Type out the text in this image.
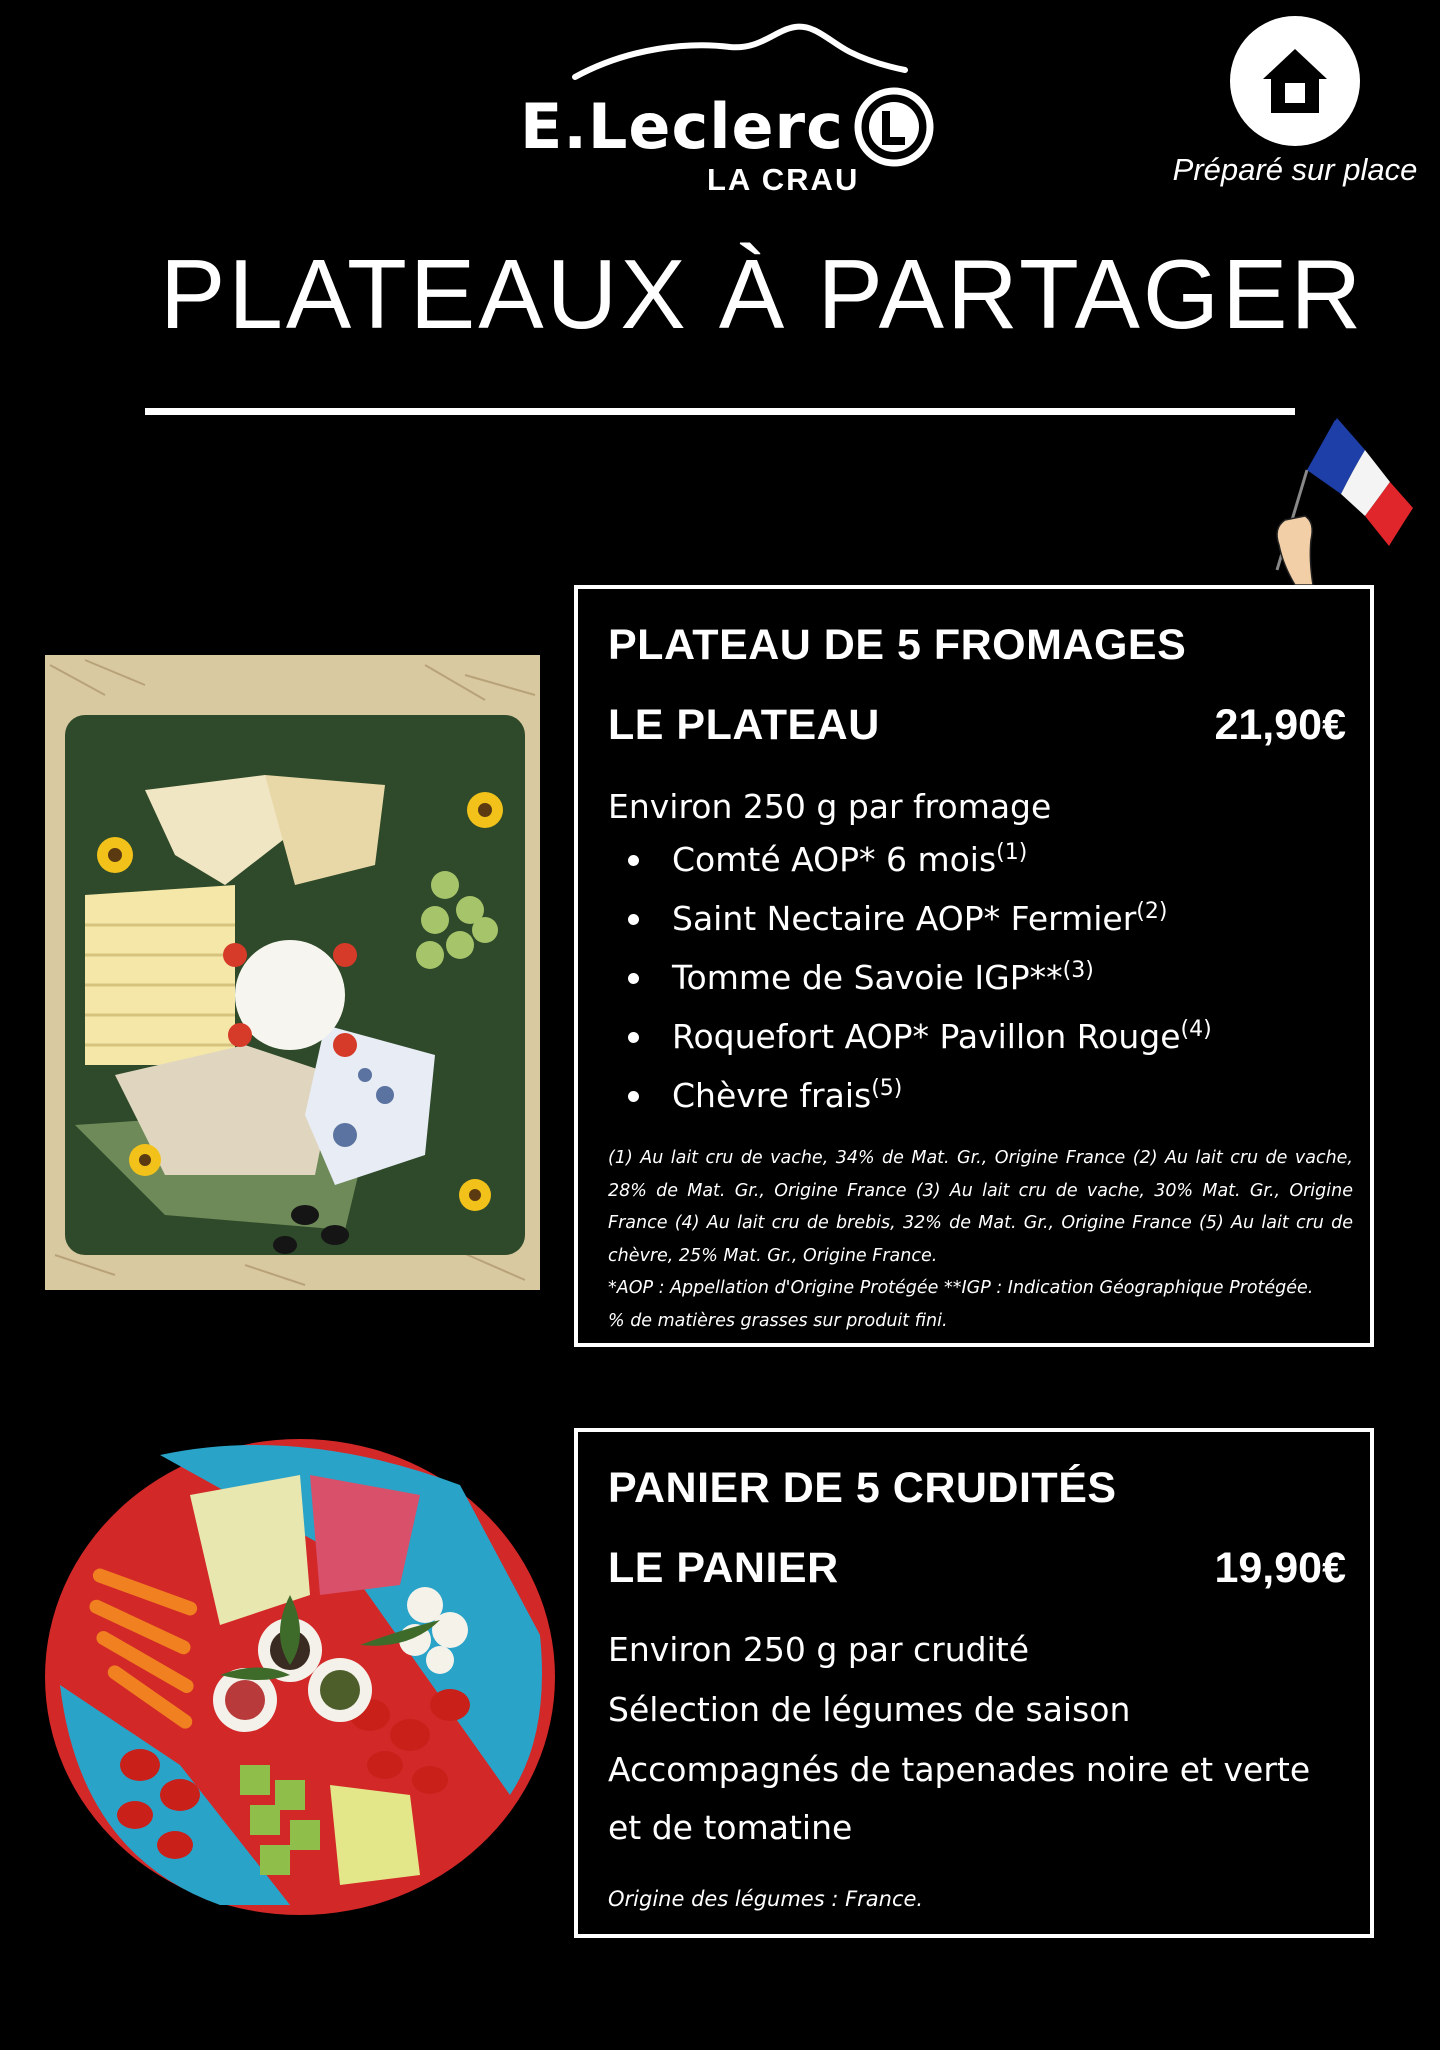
E.Leclerc
LA CRAU	Préparé sur place
PLATEAUX À PARTAGER
PLATEAU DE 5 FROMAGES
LE PLATEAU	21,90€
Environ 250 g par fromage
Comté AOP* 6 mois$^{(1)}$
Saint Nectaire AOP* Fermier$^{(2)}$
Tomme de Savoie IGP**$^{(3)}$
Roquefort AOP* Pavillon Rouge$^{(4)}$
Chèvre frais$^{(5)}$

(1) Au lait cru de vache, 34% de Mat. Gr., Origine France (2) Au lait cru de vache, 28% de Mat. Gr., Origine France (3) Au lait cru de vache, 30% Mat. Gr., Origine France (4) Au lait cru de brebis, 32% de Mat. Gr., Origine France (5) Au lait cru de chèvre, 25% Mat. Gr., Origine France.

*AOP : Appellation d'Origine Protégée **IGP : Indication Géographique Protégée.

% de matières grasses sur produit fini.

PANIER DE 5 CRUDITÉS
LE PANIER	19,90€
Environ 250 g par crudité
Sélection de légumes de saison
Accompagnés de tapenades noire et verte
et de tomatine
Origine des légumes : France.
